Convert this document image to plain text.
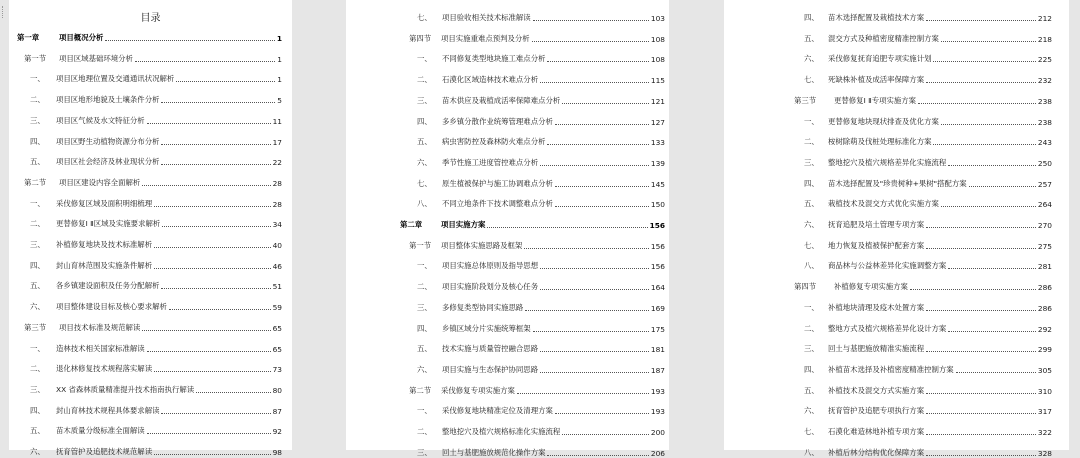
目录
第一章	项目概况分析	1
第一节 项目区域基础环境分析	1
一、 项目区地理位置及交通通讯状况解析	1
二、 项目区地形地貌及土壤条件分析	5
三、 项目区气候及水文特征分析	11
四、 项目区野生动植物资源分布分析	17
五、 项目区社会经济及林业现状分析	22
第二节 项目区建设内容全面解析	28
一、 采伐修复区域及面积明细梳理	28
二、 更替修复Ⅰ Ⅱ区域及实施要求解析	34
三、 补植修复地块及技术标准解析	40
四、 封山育林范围及实施条件解析	46
五、 各乡镇建设面积及任务分配解析	51
六、 项目整体建设目标及核心要求解析	59
第三节 项目技术标准及规范解读	65
一、 造林技术相关国家标准解读	65
二、 退化林修复技术规程落实解读	73
三、 XX 省森林质量精准提升技术指南执行解读	80
四、 封山育林技术规程具体要求解读	87
五、 苗木质量分级标准全面解读	92
六、 抚育管护及追肥技术规范解读	98
七、 项目验收相关技术标准解读	103
第四节 项目实施重难点预判及分析	108
一、 不同修复类型地块施工难点分析	108
二、 石漠化区域造林技术难点分析	115
三、 苗木供应及栽植成活率保障难点分析	121
四、 多乡镇分散作业统筹管理难点分析	127
五、 病虫害防控及森林防火难点分析	133
六、 季节性施工进度管控难点分析	139
七、 原生植被保护与施工协调难点分析	145
八、 不同立地条件下技术调整难点分析	150
第二章	项目实施方案	156
第一节 项目整体实施思路及框架	156
一、 项目实施总体原则及指导思想	156
二、 项目实施阶段划分及核心任务	164
三、 多修复类型协同实施思路	169
四、 乡镇区域分片实施统筹框架	175
五、 技术实施与质量管控融合思路	181
六、 项目实施与生态保护协同思路	187
第二节 采伐修复专项实施方案	193
一、 采伐修复地块精准定位及清理方案	193
二、 整地挖穴及植穴规格标准化实施流程	200
三、 回土与基肥施放规范化操作方案	206
四、 苗木选择配置及栽植技术方案	212
五、 混交方式及种植密度精准控制方案	218
六、 采伐修复抚育追肥专项实施计划	225
七、 死缺株补植及成活率保障方案	232
第三节 更替修复Ⅰ Ⅱ专项实施方案	238
一、 更替修复地块现状排查及优化方案	238
二、 桉树除萌及伐桩处理标准化方案	243
三、 整地挖穴及植穴规格差异化实施流程	250
四、 苗木选择配置及"珍贵树种+果树"搭配方案	257
五、 栽植技术及混交方式优化实施方案	264
六、 抚育追肥及培土管理专项方案	270
七、 地力恢复及植被保护配套方案	275
八、 商品林与公益林差异化实施调整方案	281
第四节 补植修复专项实施方案	286
一、 补植地块清理及疫木处置方案	286
二、 整地方式及植穴规格差异化设计方案	292
三、 回土与基肥施放精准实施流程	299
四、 补植苗木选择及补植密度精准控制方案	305
五、 补植技术及混交方式实施方案	310
六、 抚育管护及追肥专项执行方案	317
七、 石漠化难造林地补植专项方案	322
八、 补植后林分结构优化保障方案	328
